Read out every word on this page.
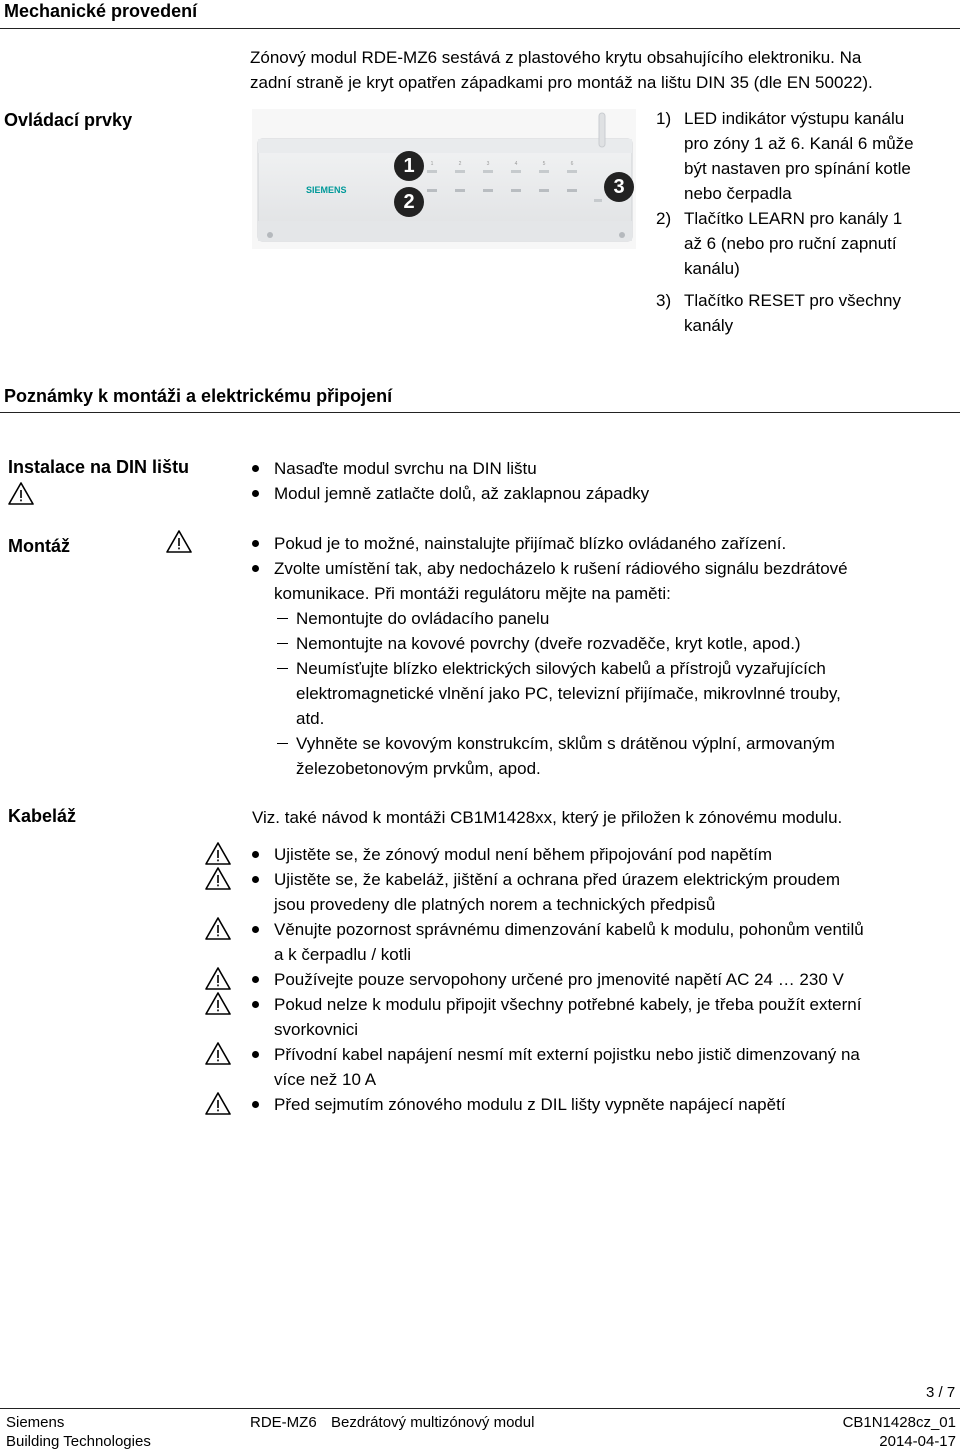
Mechanické provedení
Zónový modul RDE-MZ6 sestává z plastového krytu obsahujícího elektroniku. Na
zadní straně je kryt opatřen západkami pro montáž na lištu DIN 35 (dle EN 50022).
Ovládací prvky
SIEMENS
1	2	3	4	5	6
1
2
3
1) LED indikátor výstupu kanálu
pro zóny 1 až 6. Kanál 6 může
být nastaven pro spínání kotle
nebo čerpadla
2) Tlačítko LEARN pro kanály 1
až 6 (nebo pro ruční zapnutí
kanálu)
3) Tlačítko RESET pro všechny
kanály
Poznámky k montáži a elektrickému připojení
Instalace na DIN lištu	Nasaďte modul svrchu na DIN lištu
Modul jemně zatlačte dolů, až zaklapnou západky
Montáž	Pokud je to možné, nainstalujte přijímač blízko ovládaného zařízení.
Zvolte umístění tak, aby nedocházelo k rušení rádiového signálu bezdrátové
komunikace. Při montáži regulátoru mějte na paměti:
Nemontujte do ovládacího panelu
Nemontujte na kovové povrchy (dveře rozvaděče, kryt kotle, apod.)
Neumísťujte blízko elektrických silových kabelů a přístrojů vyzařujících
elektromagnetické vlnění jako PC, televizní přijímače, mikrovlnné trouby,
atd.
Vyhněte se kovovým konstrukcím, sklům s drátěnou výplní, armovaným
železobetonovým prvkům, apod.
Kabeláž	Viz. také návod k montáži CB1M1428xx, který je přiložen k zónovému modulu.
Ujistěte se, že zónový modul není během připojování pod napětím
Ujistěte se, že kabeláž, jištění a ochrana před úrazem elektrickým proudem
jsou provedeny dle platných norem a technických předpisů
Věnujte pozornost správnému dimenzování kabelů k modulu, pohonům ventilů
a k čerpadlu / kotli
Používejte pouze servopohony určené pro jmenovité napětí AC 24 … 230 V
Pokud nelze k modulu připojit všechny potřebné kabely, je třeba použít externí
svorkovnici
Přívodní kabel napájení nesmí mít externí pojistku nebo jistič dimenzovaný na
více než 10 A
Před sejmutím zónového modulu z DIL lišty vypněte napájecí napětí
3 / 7
Siemens
Building Technologies
RDE-MZ6 Bezdrátový multizónový modul	CB1N1428cz_01
2014-04-17
